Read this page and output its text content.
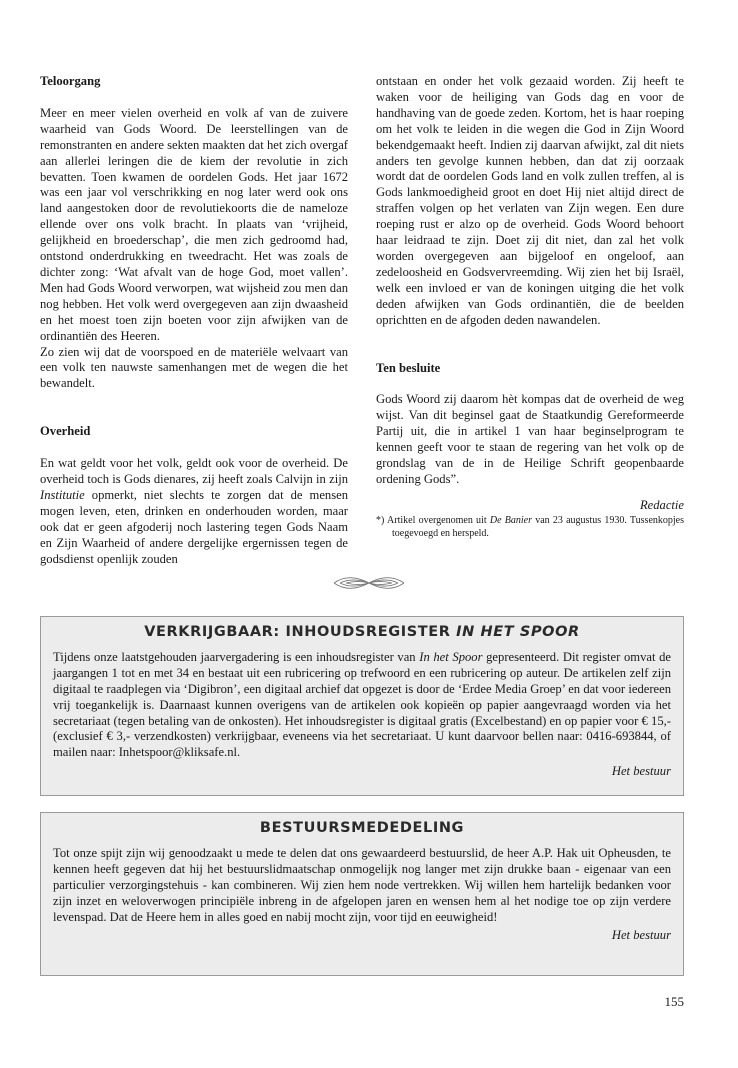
Teloorgang

Meer en meer vielen overheid en volk af van de zuivere waarheid van Gods Woord. De leerstellingen van de remonstranten en andere sekten maakten dat het zich overgaf aan allerlei leringen die de kiem der revolutie in zich bevatten. Toen kwamen de oordelen Gods. Het jaar 1672 was een jaar vol verschrikking en nog later werd ook ons land aangestoken door de revolutiekoorts die de nameloze ellende over ons volk bracht. In plaats van ‘vrijheid, gelijkheid en broederschap’, die men zich gedroomd had, ontstond onderdrukking en tweedracht. Het was zoals de dichter zong: ‘Wat afvalt van de hoge God, moet vallen’. Men had Gods Woord verworpen, wat wijsheid zou men dan nog hebben. Het volk werd overgegeven aan zijn dwaasheid en het moest toen zijn boeten voor zijn afwijken van de ordinantiën des Heeren.

Zo zien wij dat de voorspoed en de materiële welvaart van een volk ten nauwste samenhangen met de wegen die het bewandelt.

Overheid

En wat geldt voor het volk, geldt ook voor de overheid. De overheid toch is Gods dienares, zij heeft zoals Calvijn in zijn Institutie opmerkt, niet slechts te zorgen dat de mensen mogen leven, eten, drinken en onderhouden worden, maar ook dat er geen afgoderij noch lastering tegen Gods Naam en Zijn Waarheid of andere dergelijke ergernissen tegen de godsdienst openlijk zouden

ontstaan en onder het volk gezaaid worden. Zij heeft te waken voor de heiliging van Gods dag en voor de handhaving van de goede zeden. Kortom, het is haar roeping om het volk te leiden in die wegen die God in Zijn Woord bekendgemaakt heeft. Indien zij daarvan afwijkt, zal dit niets anders ten gevolge kunnen hebben, dan dat zij oorzaak wordt dat de oordelen Gods land en volk zullen treffen, al is Gods lankmoedigheid groot en doet Hij niet altijd direct de straffen volgen op het verlaten van Zijn wegen. Een dure roeping rust er alzo op de overheid. Gods Woord behoort haar leidraad te zijn. Doet zij dit niet, dan zal het volk worden overgegeven aan bijgeloof en ongeloof, aan zedeloosheid en Godsvervreemding. Wij zien het bij Israël, welk een invloed er van de koningen uitging die het volk deden afwijken van Gods ordinantiën, die de beelden oprichtten en de afgoden deden nawandelen.

Ten besluite

Gods Woord zij daarom hèt kompas dat de overheid de weg wijst. Van dit beginsel gaat de Staatkundig Gereformeerde Partij uit, die in artikel 1 van haar beginselprogram te kennen geeft voor te staan de regering van het volk op de grondslag van de in de Heilige Schrift geopenbaarde ordening Gods”.

Redactie

*) Artikel overgenomen uit De Banier van 23 augustus 1930. Tussenkopjes toegevoegd en herspeld.

VERKRIJGBAAR: INHOUDSREGISTER IN HET SPOOR

Tijdens onze laatstgehouden jaarvergadering is een inhoudsregister van In het Spoor gepresenteerd. Dit register omvat de jaargangen 1 tot en met 34 en bestaat uit een rubricering op trefwoord en een rubricering op auteur. De artikelen zelf zijn digitaal te raadplegen via ‘Digibron’, een digitaal archief dat opgezet is door de ‘Erdee Media Groep’ en dat voor iedereen vrij toegankelijk is. Daarnaast kunnen overigens van de artikelen ook kopieën op papier aangevraagd worden via het secretariaat (tegen betaling van de onkosten). Het inhoudsregister is digitaal gratis (Excelbestand) en op papier voor € 15,- (exclusief € 3,- verzendkosten) verkrijgbaar, eveneens via het secretariaat. U kunt daarvoor bellen naar: 0416-693844, of mailen naar: Inhetspoor@kliksafe.nl.

Het bestuur

BESTUURSMEDEDELING

Tot onze spijt zijn wij genoodzaakt u mede te delen dat ons gewaardeerd bestuurslid, de heer A.P. Hak uit Opheusden, te kennen heeft gegeven dat hij het bestuurslidmaatschap onmogelijk nog langer met zijn drukke baan - eigenaar van een particulier verzorgingstehuis - kan combineren. Wij zien hem node vertrekken. Wij willen hem hartelijk bedanken voor zijn inzet en weloverwogen principiële inbreng in de afgelopen jaren en wensen hem al het nodige toe op zijn verdere levenspad. Dat de Heere hem in alles goed en nabij mocht zijn, voor tijd en eeuwigheid!

Het bestuur

155
